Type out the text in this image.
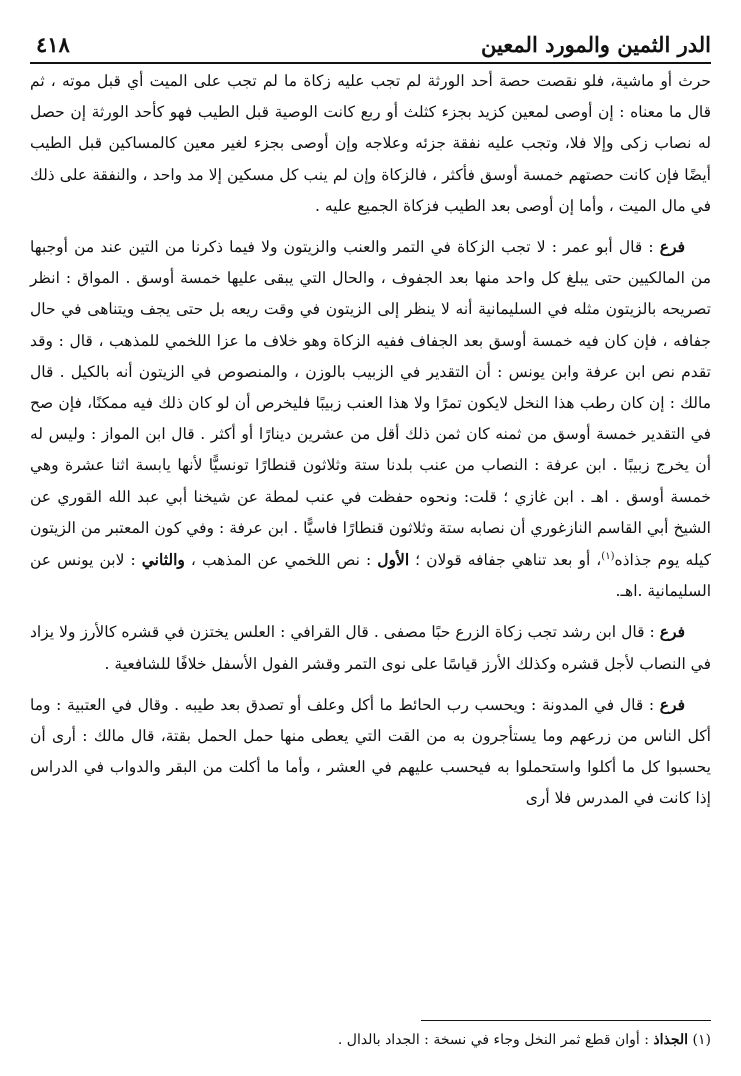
الدر الثمين والمورد المعين
٤١٨

حرث أو ماشية، فلو نقصت حصة أحد الورثة لم تجب عليه زكاة ما لم تجب على الميت أي قبل موته ، ثم قال ما معناه : إن أوصى لمعين كزيد بجزء كثلث أو ربع كانت الوصية قبل الطيب فهو كأحد الورثة إن حصل له نصاب زكى وإلا فلا، وتجب عليه نفقة جزئه وعلاجه وإن أوصى بجزء لغير معين كالمساكين قبل الطيب أيضًا فإن كانت حصتهم خمسة أوسق فأكثر ، فالزكاة وإن لم ينب كل مسكين إلا مد واحد ، والنفقة على ذلك في مال الميت ، وأما إن أوصى بعد الطيب فزكاة الجميع عليه .

فرع : قال أبو عمر : لا تجب الزكاة في التمر والعنب والزيتون ولا فيما ذكرنا من التين عند من أوجبها من المالكيين حتى يبلغ كل واحد منها بعد الجفوف ، والحال التي يبقى عليها خمسة أوسق . المواق : انظر تصريحه بالزيتون مثله في السليمانية أنه لا ينظر إلى الزيتون في وقت ريعه بل حتى يجف ويتناهى في حال جفافه ، فإن كان فيه خمسة أوسق بعد الجفاف ففيه الزكاة وهو خلاف ما عزا اللخمي للمذهب ، قال : وقد تقدم نص ابن عرفة وابن يونس : أن التقدير في الزبيب بالوزن ، والمنصوص في الزيتون أنه بالكيل . قال مالك : إن كان رطب هذا النخل لايكون تمرًا ولا هذا العنب زبيبًا فليخرص أن لو كان ذلك فيه ممكنًا، فإن صح في التقدير خمسة أوسق من ثمنه كان ثمن ذلك أقل من عشرين دينارًا أو أكثر . قال ابن المواز : وليس له أن يخرج زبيبًا . ابن عرفة : النصاب من عنب بلدنا ستة وثلاثون قنطارًا تونسيًّا لأنها يابسة اثنا عشرة وهي خمسة أوسق . اهـ . ابن غازي ؛ قلت: ونحوه حفظت في عنب لمطة عن شيخنا أبي عبد الله القوري عن الشيخ أبي القاسم النازغوري أن نصابه ستة وثلاثون قنطارًا فاسيًّا . ابن عرفة : وفي كون المعتبر من الزيتون كيله يوم جذاذه$^{(١)}$، أو بعد تناهي جفافه قولان ؛ الأول : نص اللخمي عن المذهب ، والثاني : لابن يونس عن السليمانية .اهـ.

فرع : قال ابن رشد تجب زكاة الزرع حبًا مصفى . قال القرافي : العلس يختزن في قشره كالأرز ولا يزاد في النصاب لأجل قشره وكذلك الأرز قياسًا على نوى التمر وقشر الفول الأسفل خلافًا للشافعية .

فرع : قال في المدونة : ويحسب رب الحائط ما أكل وعلف أو تصدق بعد طيبه . وقال في العتبية : وما أكل الناس من زرعهم وما يستأجرون به من القت التي يعطى منها حمل الحمل بقتة، قال مالك : أرى أن يحسبوا كل ما أكلوا واستحملوا به فيحسب عليهم في العشر ، وأما ما أكلت من البقر والدواب في الدراس إذا كانت في المدرس فلا أرى

(١) الجذاذ : أوان قطع ثمر النخل وجاء في نسخة : الجداد بالدال .
